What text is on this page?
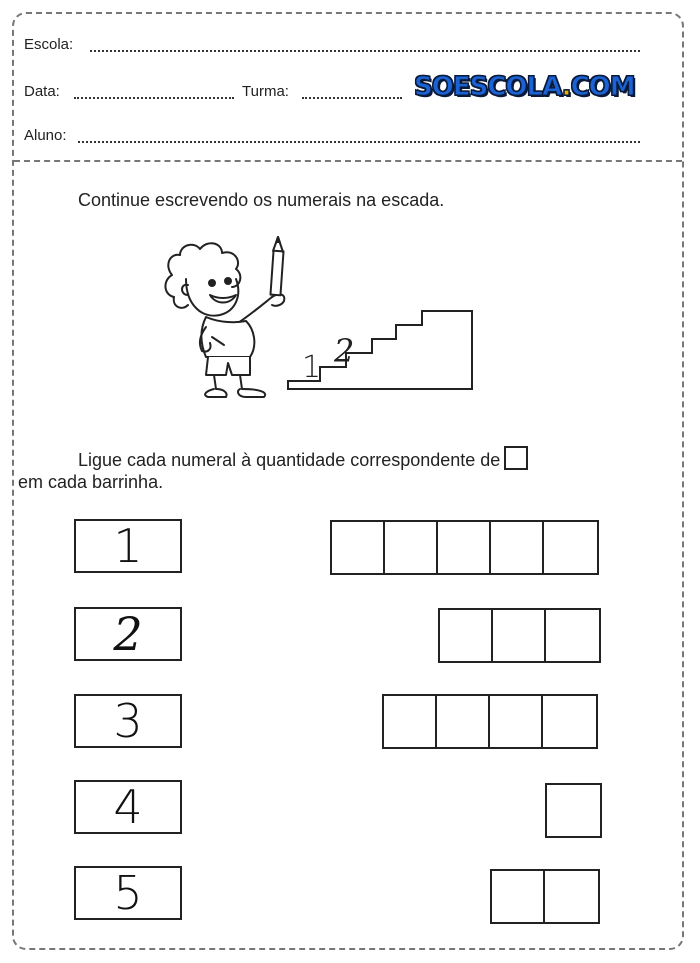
Escola:
Data:	Turma:	SOESCOLA.COM
Aluno:
Continue escrevendo os numerais na escada.
1 2
Ligue cada numeral à quantidade correspondente de
em cada barrinha.
1
2
3
4
5
